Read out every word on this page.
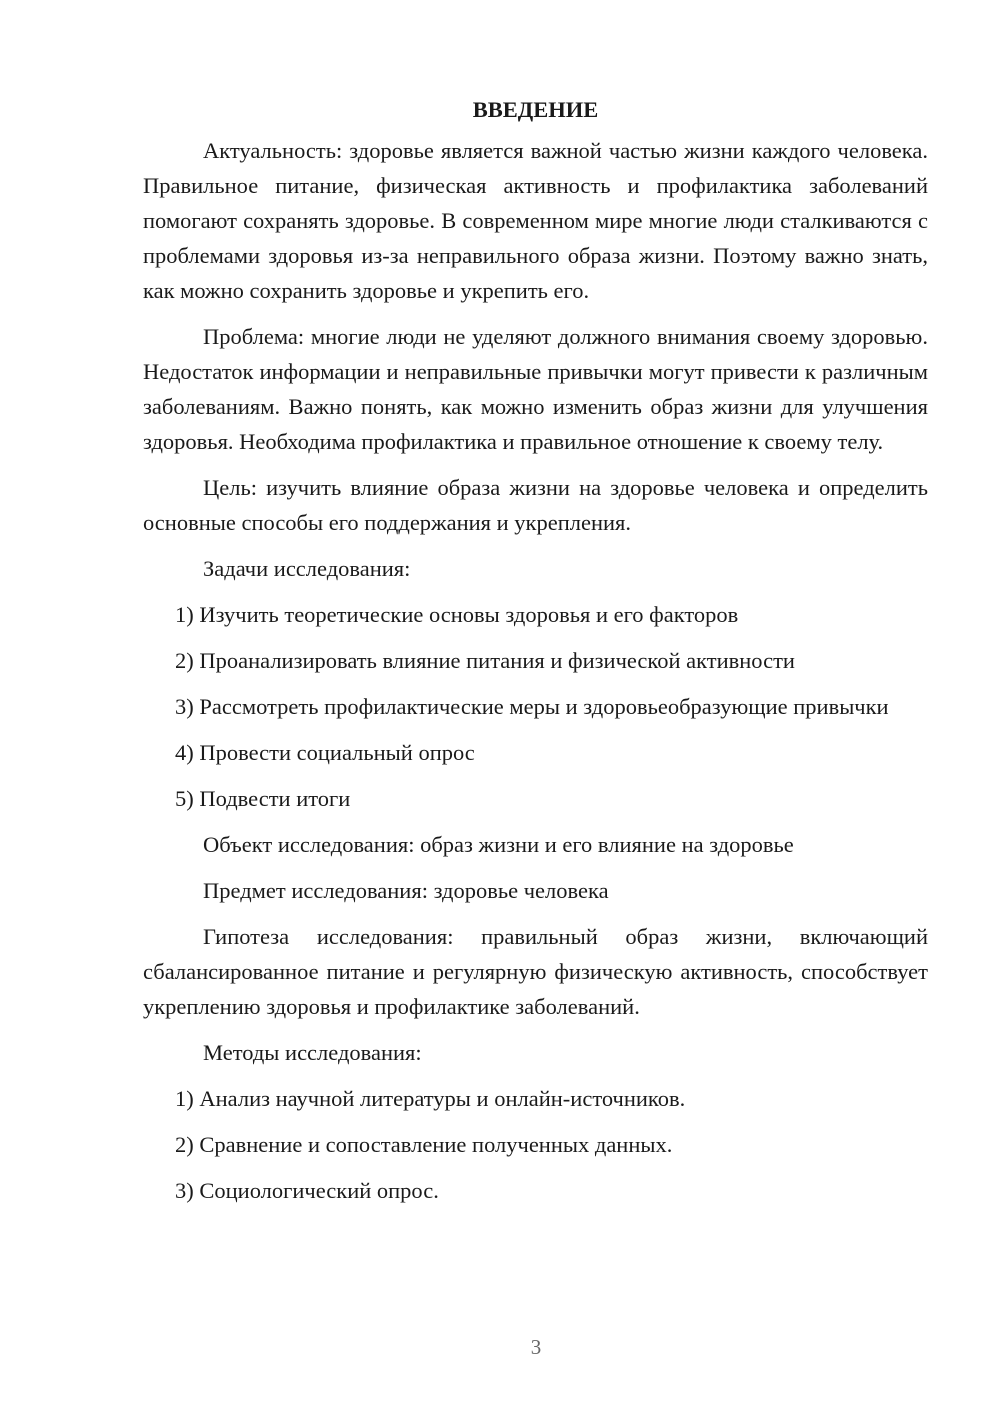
ВВЕДЕНИЕ

Актуальность: здоровье является важной частью жизни каждого человека. Правильное питание, физическая активность и профилактика заболеваний помогают сохранять здоровье. В современном мире многие люди сталкиваются с проблемами здоровья из-за неправильного образа жизни. Поэтому важно знать, как можно сохранить здоровье и укрепить его.

Проблема: многие люди не уделяют должного внимания своему здоровью. Недостаток информации и неправильные привычки могут привести к различным заболеваниям. Важно понять, как можно изменить образ жизни для улучшения здоровья. Необходима профилактика и правильное отношение к своему телу.

Цель: изучить влияние образа жизни на здоровье человека и определить основные способы его поддержания и укрепления.

Задачи исследования:

1) Изучить теоретические основы здоровья и его факторов

2) Проанализировать влияние питания и физической активности

3) Рассмотреть профилактические меры и здоровьеобразующие привычки

4) Провести социальный опрос

5) Подвести итоги

Объект исследования: образ жизни и его влияние на здоровье

Предмет исследования: здоровье человека

Гипотеза исследования: правильный образ жизни, включающий сбалансированное питание и регулярную физическую активность, способствует укреплению здоровья и профилактике заболеваний.

Методы исследования:

1) Анализ научной литературы и онлайн-источников.

2) Сравнение и сопоставление полученных данных.

3) Социологический опрос.

3
